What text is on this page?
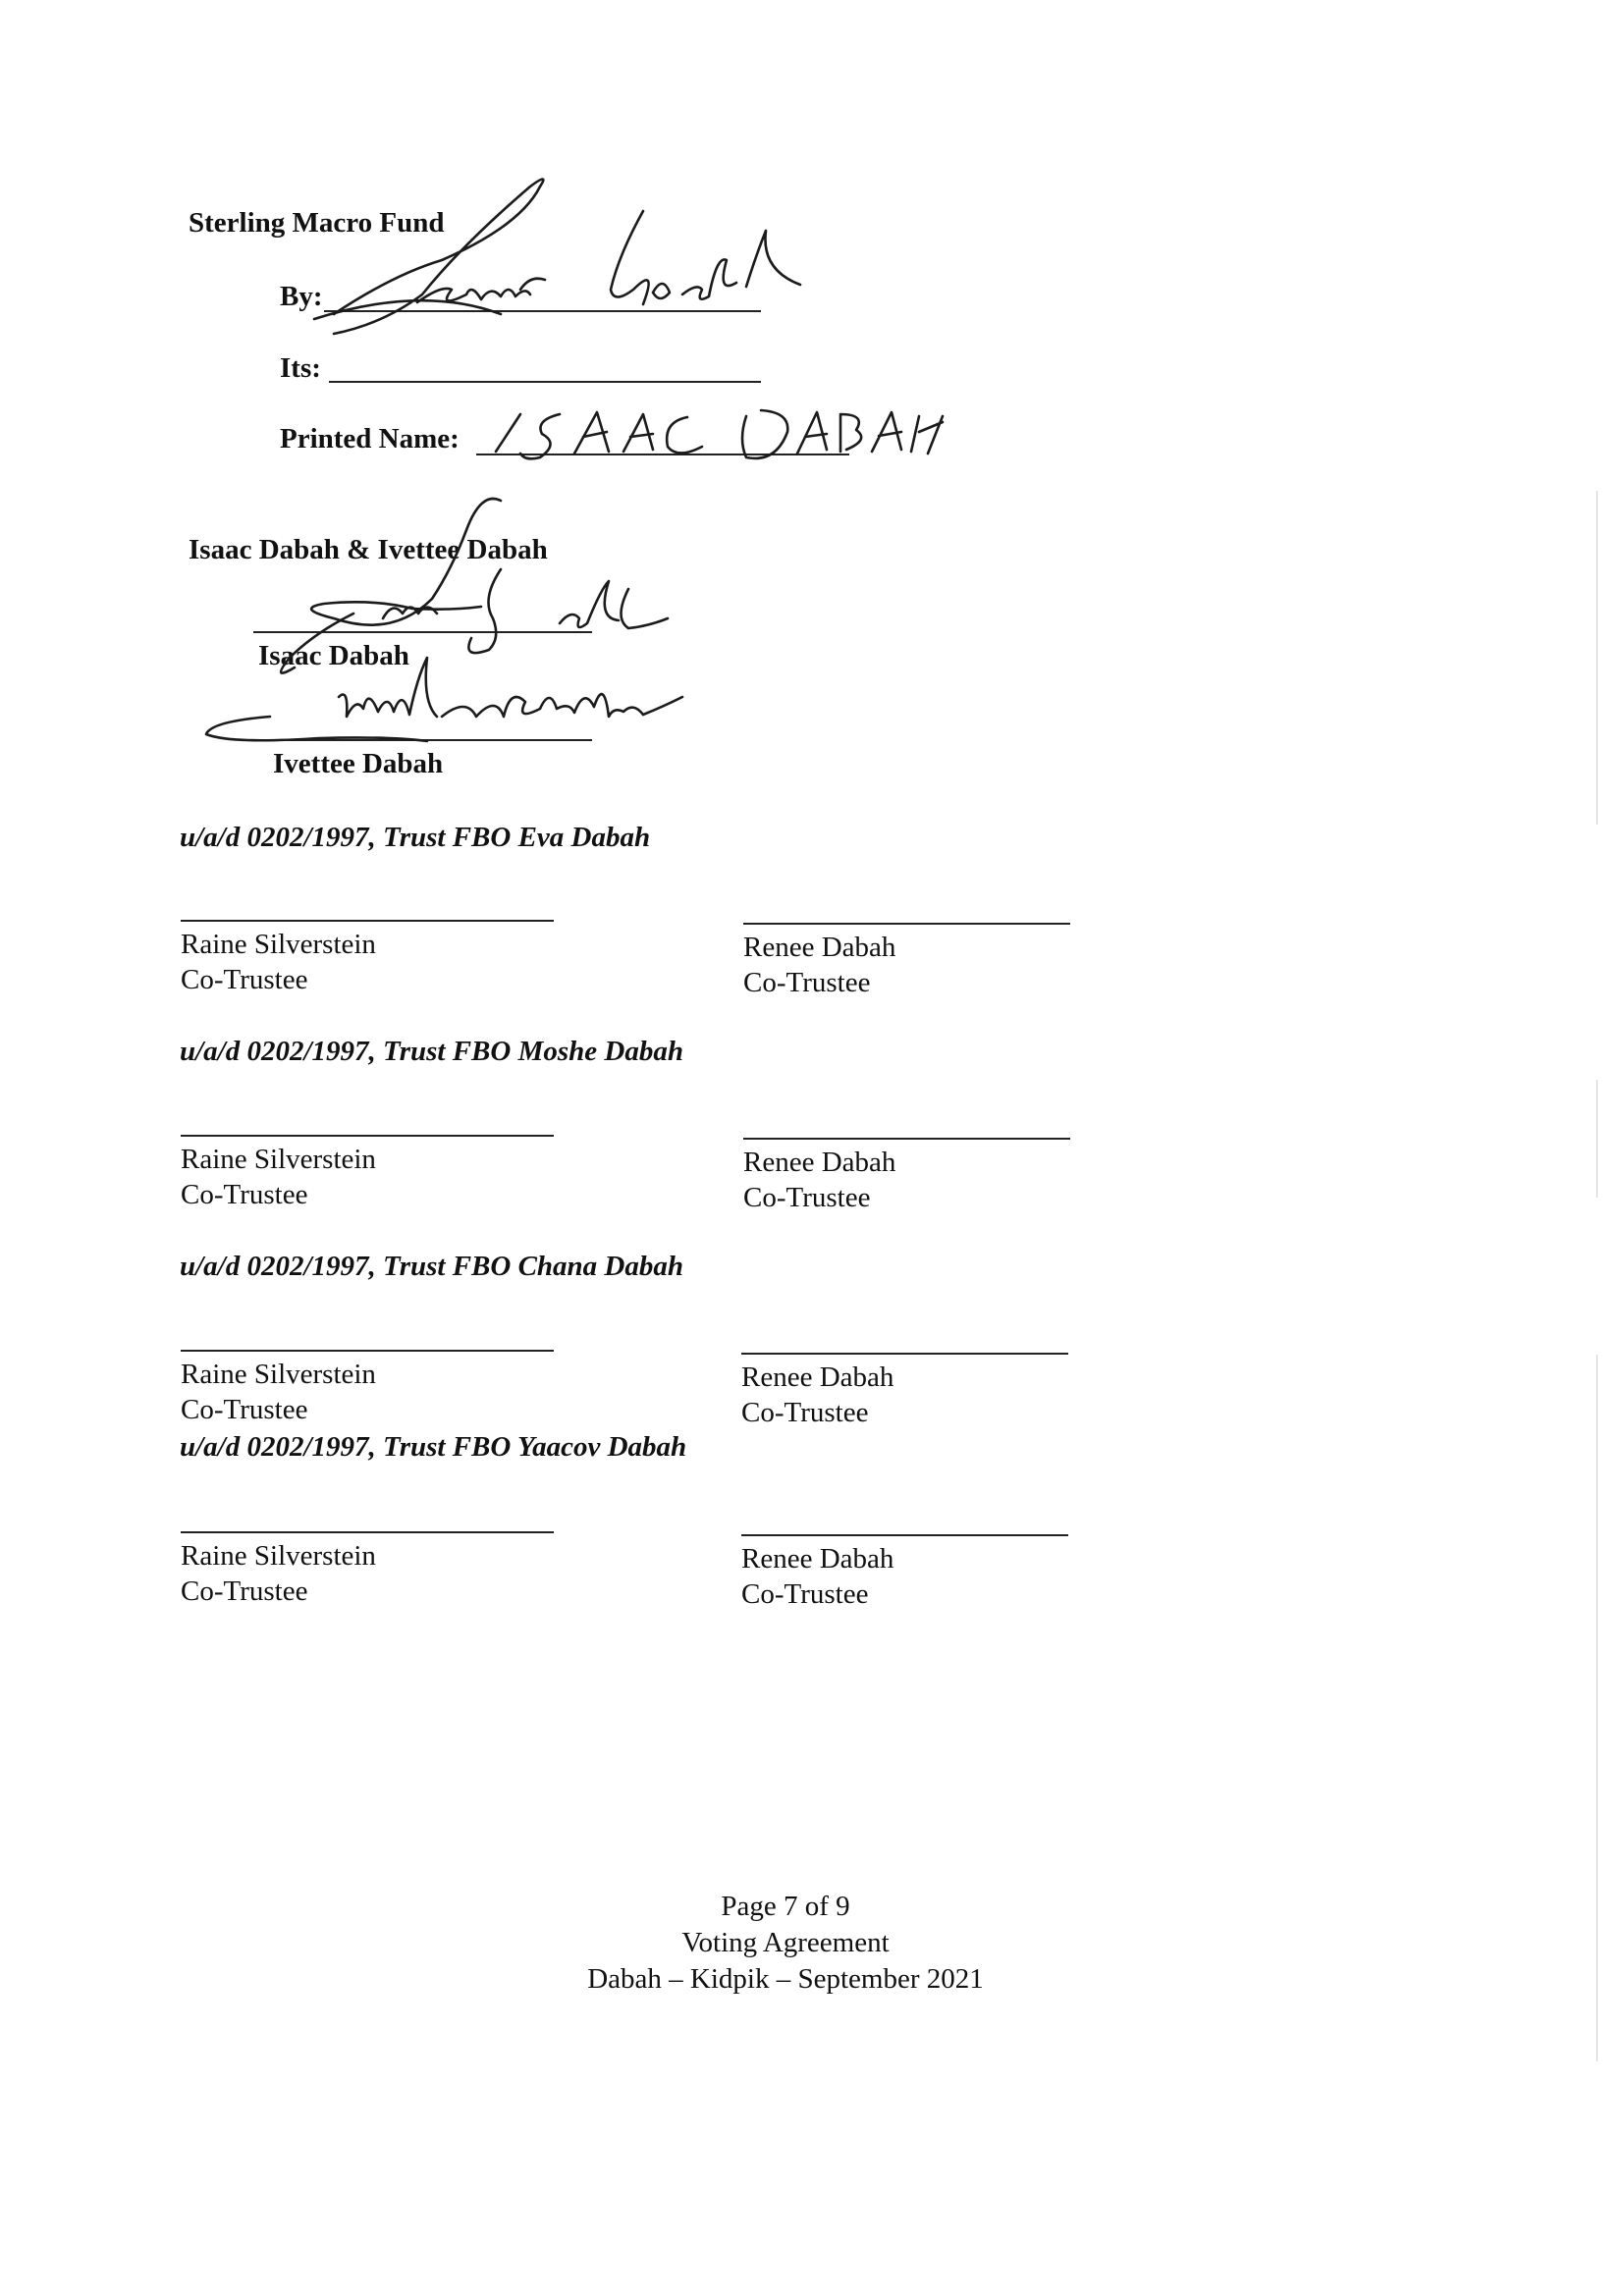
Sterling Macro Fund
By:
Its:
Printed Name:
Isaac Dabah & Ivettee Dabah
Isaac Dabah
Ivettee Dabah
u/a/d 0202/1997, Trust FBO Eva Dabah
Raine Silverstein
Co-Trustee
Renee Dabah
Co-Trustee
u/a/d 0202/1997, Trust FBO Moshe Dabah
Raine Silverstein
Co-Trustee
Renee Dabah
Co-Trustee
u/a/d 0202/1997, Trust FBO Chana Dabah
Raine Silverstein
Co-Trustee
Renee Dabah
Co-Trustee
u/a/d 0202/1997, Trust FBO Yaacov Dabah
Raine Silverstein
Co-Trustee
Renee Dabah
Co-Trustee
Page 7 of 9
Voting Agreement
Dabah – Kidpik – September 2021
